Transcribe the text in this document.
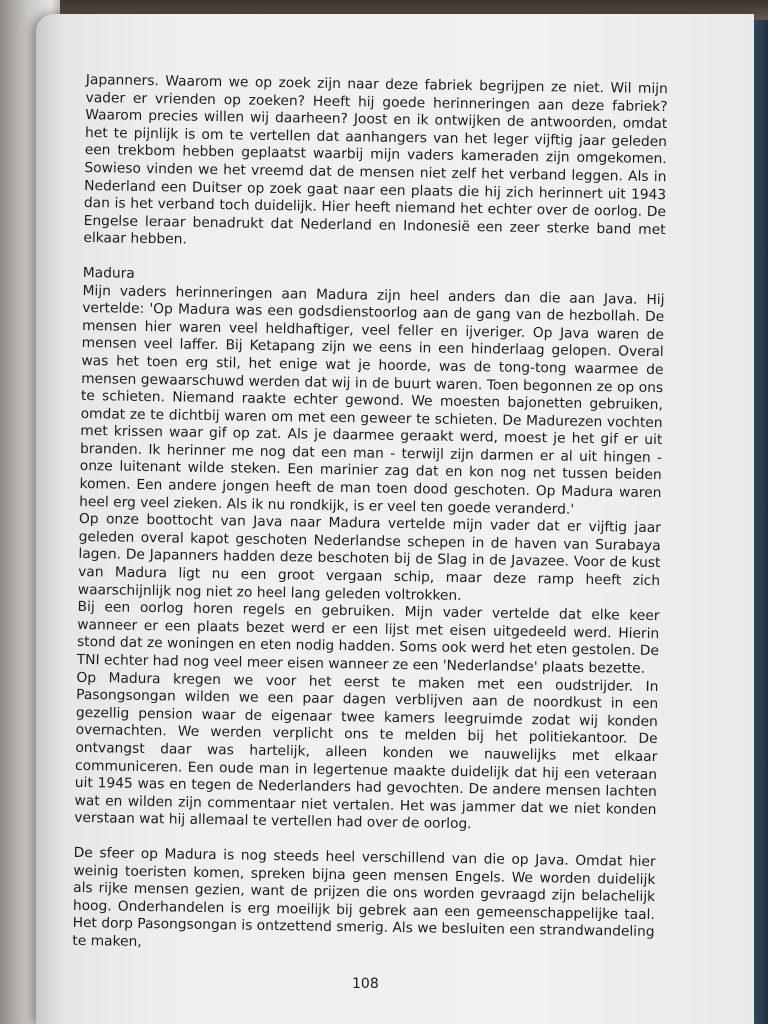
Japanners. Waarom we op zoek zijn naar deze fabriek begrijpen ze niet. Wil mijn vader er vrienden op zoeken? Heeft hij goede herinneringen aan deze fabriek? Waarom precies willen wij daarheen? Joost en ik ontwijken de antwoorden, omdat het te pijnlijk is om te vertellen dat aanhangers van het leger vijftig jaar geleden een trekbom hebben geplaatst waarbij mijn vaders kameraden zijn omgekomen. Sowieso vinden we het vreemd dat de mensen niet zelf het verband leggen. Als in Nederland een Duitser op zoek gaat naar een plaats die hij zich herinnert uit 1943 dan is het verband toch duidelijk. Hier heeft niemand het echter over de oorlog. De Engelse leraar benadrukt dat Nederland en Indonesië een zeer sterke band met elkaar hebben.

Madura

Mijn vaders herinneringen aan Madura zijn heel anders dan die aan Java. Hij vertelde: 'Op Madura was een godsdienstoorlog aan de gang van de hezbollah. De mensen hier waren veel heldhaftiger, veel feller en ijveriger. Op Java waren de mensen veel laffer. Bij Ketapang zijn we eens in een hinderlaag gelopen. Overal was het toen erg stil, het enige wat je hoorde, was de tong-tong waarmee de mensen gewaarschuwd werden dat wij in de buurt waren. Toen begonnen ze op ons te schieten. Niemand raakte echter gewond. We moesten bajonetten gebruiken, omdat ze te dichtbij waren om met een geweer te schieten. De Madurezen vochten met krissen waar gif op zat. Als je daarmee geraakt werd, moest je het gif er uit branden. Ik herinner me nog dat een man - terwijl zijn darmen er al uit hingen - onze luitenant wilde steken. Een marinier zag dat en kon nog net tussen beiden komen. Een andere jongen heeft de man toen dood geschoten. Op Madura waren heel erg veel zieken. Als ik nu rondkijk, is er veel ten goede veranderd.'

Op onze boottocht van Java naar Madura vertelde mijn vader dat er vijftig jaar geleden overal kapot geschoten Nederlandse schepen in de haven van Surabaya lagen. De Japanners hadden deze beschoten bij de Slag in de Javazee. Voor de kust van Madura ligt nu een groot vergaan schip, maar deze ramp heeft zich waarschijnlijk nog niet zo heel lang geleden voltrokken.

Bij een oorlog horen regels en gebruiken. Mijn vader vertelde dat elke keer wanneer er een plaats bezet werd er een lijst met eisen uitgedeeld werd. Hierin stond dat ze woningen en eten nodig hadden. Soms ook werd het eten gestolen. De TNI echter had nog veel meer eisen wanneer ze een 'Nederlandse' plaats bezette.

Op Madura kregen we voor het eerst te maken met een oudstrijder. In Pasongsongan wilden we een paar dagen verblijven aan de noordkust in een gezellig pension waar de eigenaar twee kamers leegruimde zodat wij konden overnachten. We werden verplicht ons te melden bij het politiekantoor. De ontvangst daar was hartelijk, alleen konden we nauwelijks met elkaar communiceren. Een oude man in legertenue maakte duidelijk dat hij een veteraan uit 1945 was en tegen de Nederlanders had gevochten. De andere mensen lachten wat en wilden zijn commentaar niet vertalen. Het was jammer dat we niet konden verstaan wat hij allemaal te vertellen had over de oorlog.

De sfeer op Madura is nog steeds heel verschillend van die op Java. Omdat hier weinig toeristen komen, spreken bijna geen mensen Engels. We worden duidelijk als rijke mensen gezien, want de prijzen die ons worden gevraagd zijn belachelijk hoog. Onderhandelen is erg moeilijk bij gebrek aan een gemeenschappelijke taal. Het dorp Pasongsongan is ontzettend smerig. Als we besluiten een strandwandeling te maken,

108
